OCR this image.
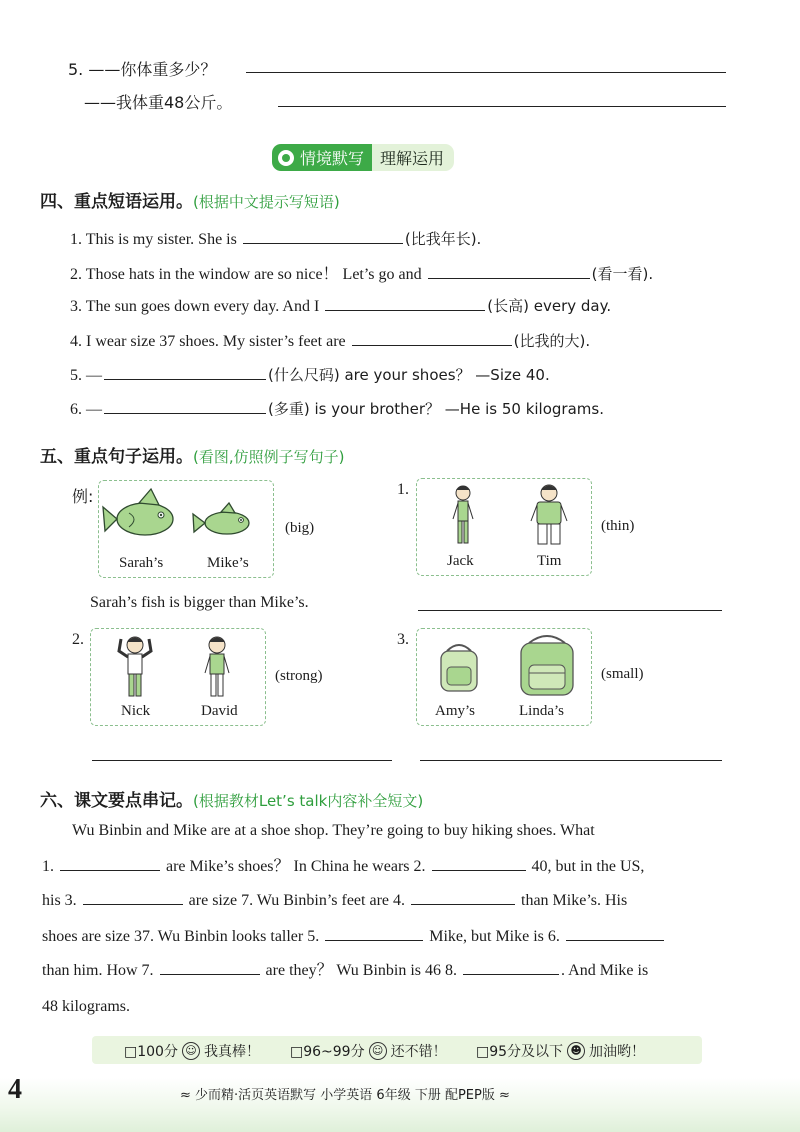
5. ——你体重多少？
——我体重48公斤。
情境默写	理解运用
四、重点短语运用。(根据中文提示写短语)
1. This is my sister. She is	(比我年长).
2. Those hats in the window are so nice！ Let’s go and	(看一看).
3. The sun goes down every day. And I	(长高) every day.
4. I wear size 37 shoes. My sister’s feet are	(比我的大).
5. —	(什么尺码) are your shoes？ —Size 40.
6. —	(多重) is your brother？ —He is 50 kilograms.
五、重点句子运用。(看图,仿照例子写句子)
例:
Sarah’s	Mike’s
(big)
Sarah’s fish is bigger than Mike’s.
1.
Jack	Tim
(thin)
2.
Nick	David
(strong)
3.
Amy’s	Linda’s
(small)
六、课文要点串记。(根据教材Let’s talk内容补全短文)
Wu Binbin and Mike are at a shoe shop. They’re going to buy hiking shoes. What
1.	are Mike’s shoes？ In China he wears 2.	40, but in the US,
his 3.	are size 7. Wu Binbin’s feet are 4.	than Mike’s. His
shoes are size 37. Wu Binbin looks taller 5.	Mike, but Mike is 6.
than him. How 7.	are they？ Wu Binbin is 46 8.	. And Mike is
48 kilograms.
□100分 ☺ 我真棒！ □96~99分 ☺ 还不错！ □95分及以下 ☻ 加油哟！
4	≈ 少而精·活页英语默写 小学英语 6年级 下册 配PEP版 ≈
